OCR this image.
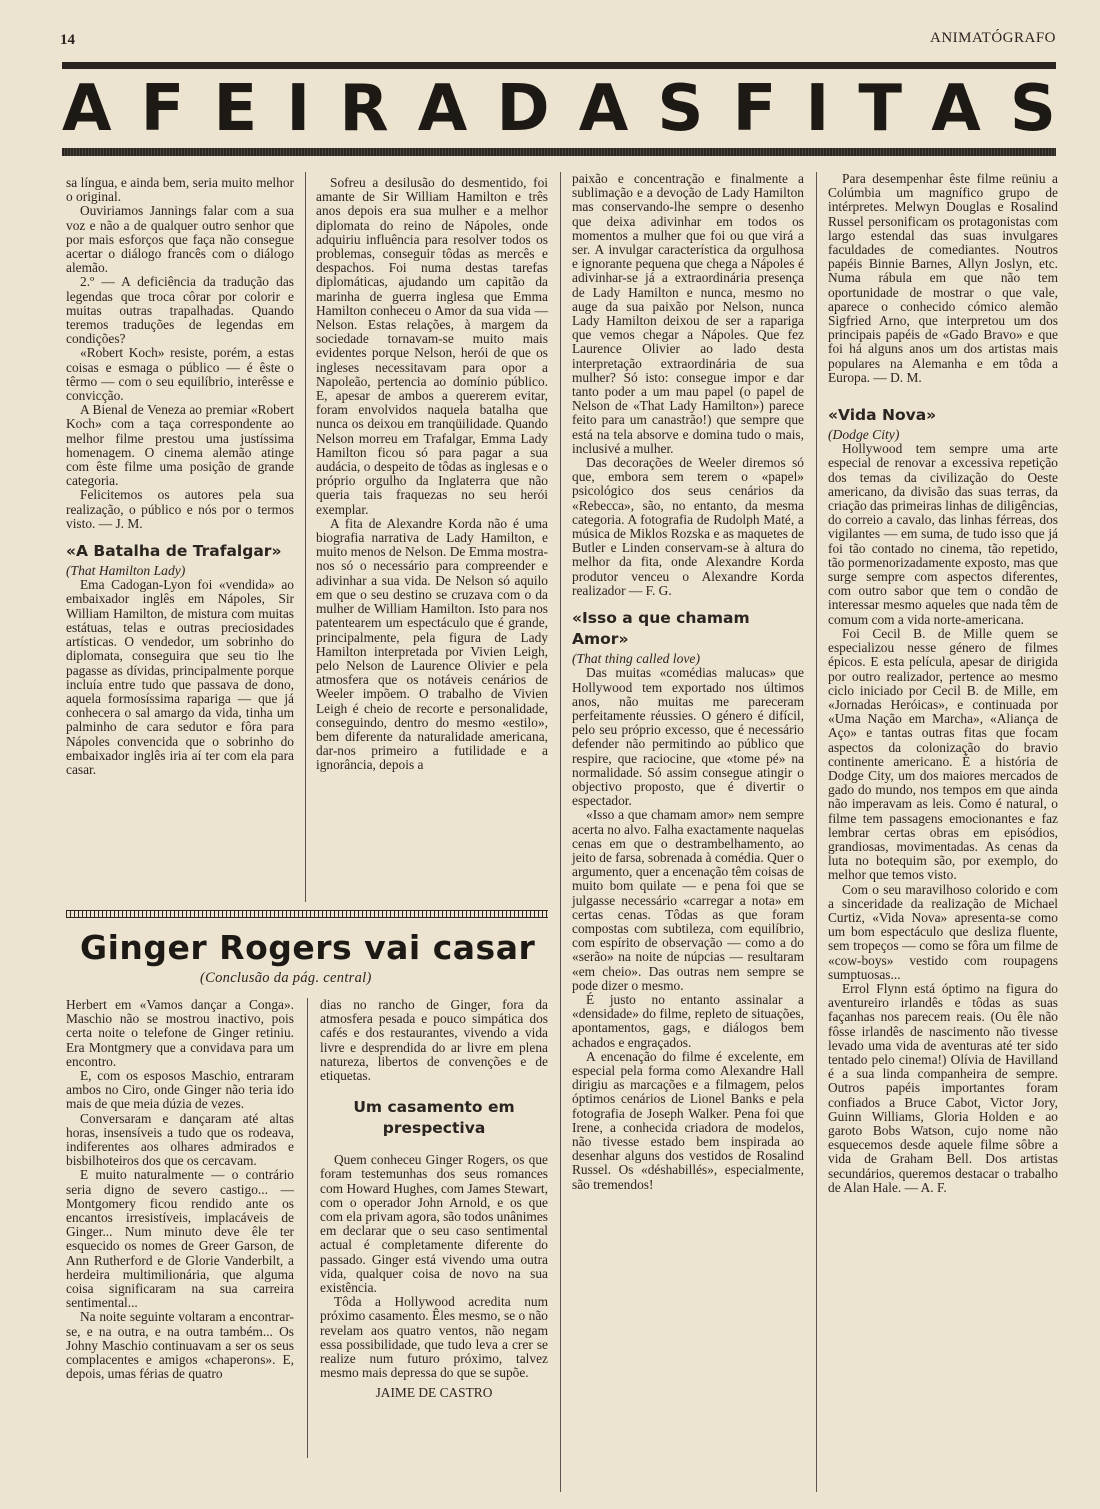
14	ANIMATÓGRAFO
A F E I R A D A S F I T A S

sa língua, e ainda bem, seria muito melhor o original.

Ouviriamos Jannings falar com a sua voz e não a de qualquer outro senhor que por mais esforços que faça não consegue acertar o diálogo francês com o diálogo alemão.

2.º — A deficiência da tradução das legendas que troca côrar por colorir e muitas outras trapalhadas. Quando teremos traduções de legendas em condições?

«Robert Koch» resiste, porém, a estas coisas e esmaga o público — é êste o têrmo — com o seu equilíbrio, interêsse e convicção.

A Bienal de Veneza ao premiar «Robert Koch» com a taça correspondente ao melhor filme prestou uma justíssima homenagem. O cinema alemão atinge com êste filme uma posição de grande categoria.

Felicitemos os autores pela sua realização, o público e nós por o termos visto. — J. M.

«A Batalha de Trafalgar»

(That Hamilton Lady)

Ema Cadogan-Lyon foi «vendida» ao embaixador inglês em Nápoles, Sir William Hamilton, de mistura com muitas estátuas, telas e outras preciosidades artísticas. O vendedor, um sobrinho do diplomata, conseguira que seu tio lhe pagasse as dívidas, principalmente porque incluía entre tudo que passava de dono, aquela formosíssima rapariga — que já conhecera o sal amargo da vida, tinha um palminho de cara sedutor e fôra para Nápoles convencida que o sobrinho do embaixador inglês iria aí ter com ela para casar.

Sofreu a desilusão do desmentido, foi amante de Sir William Hamilton e três anos depois era sua mulher e a melhor diplomata do reino de Nápoles, onde adquiriu influência para resolver todos os problemas, conseguir tôdas as mercês e despachos. Foi numa destas tarefas diplomáticas, ajudando um capitão da marinha de guerra inglesa que Emma Hamilton conheceu o Amor da sua vida — Nelson. Estas relações, à margem da sociedade tornavam-se muito mais evidentes porque Nelson, herói de que os ingleses necessitavam para opor a Napoleão, pertencia ao domínio público. E, apesar de ambos a quererem evitar, foram envolvidos naquela batalha que nunca os deixou em tranqüilidade. Quando Nelson morreu em Trafalgar, Emma Lady Hamilton ficou só para pagar a sua audácia, o despeito de tôdas as inglesas e o próprio orgulho da Inglaterra que não queria tais fraquezas no seu herói exemplar.

A fita de Alexandre Korda não é uma biografia narrativa de Lady Hamilton, e muito menos de Nelson. De Emma mostra-nos só o necessário para compreender e adivinhar a sua vida. De Nelson só aquilo em que o seu destino se cruzava com o da mulher de William Hamilton. Isto para nos patentearem um espectáculo que é grande, principalmente, pela figura de Lady Hamilton interpretada por Vivien Leigh, pelo Nelson de Laurence Olivier e pela atmosfera que os notáveis cenários de Weeler impõem. O trabalho de Vivien Leigh é cheio de recorte e personalidade, conseguindo, dentro do mesmo «estilo», bem diferente da naturalidade americana, dar-nos primeiro a futilidade e a ignorância, depois a

paixão e concentração e finalmente a sublimação e a devoção de Lady Hamilton mas conservando-lhe sempre o desenho que deixa adivinhar em todos os momentos a mulher que foi ou que virá a ser. A invulgar característica da orgulhosa e ignorante pequena que chega a Nápoles é adivinhar-se já a extraordinária presença de Lady Hamilton e nunca, mesmo no auge da sua paixão por Nelson, nunca Lady Hamilton deixou de ser a rapariga que vemos chegar a Nápoles. Que fez Laurence Olivier ao lado desta interpretação extraordinária de sua mulher? Só isto: consegue impor e dar tanto poder a um mau papel (o papel de Nelson de «That Lady Hamilton») parece feito para um canastrão!) que sempre que está na tela absorve e domina tudo o mais, inclusivé a mulher.

Das decorações de Weeler diremos só que, embora sem terem o «papel» psicológico dos seus cenários da «Rebecca», são, no entanto, da mesma categoria. A fotografia de Rudolph Maté, a música de Miklos Rozska e as maquetes de Butler e Linden conservam-se à altura do melhor da fita, onde Alexandre Korda produtor venceu o Alexandre Korda realizador — F. G.

«Isso a que chamam Amor»

(That thing called love)

Das muitas «comédias malucas» que Hollywood tem exportado nos últimos anos, não muitas me pareceram perfeitamente réussies. O género é difícil, pelo seu próprio excesso, que é necessário defender não permitindo ao público que respire, que raciocine, que «tome pé» na normalidade. Só assim consegue atingir o objectivo proposto, que é divertir o espectador.

«Isso a que chamam amor» nem sempre acerta no alvo. Falha exactamente naquelas cenas em que o destrambelhamento, ao jeito de farsa, sobrenada à comédia. Quer o argumento, quer a encenação têm coisas de muito bom quilate — e pena foi que se julgasse necessário «carregar a nota» em certas cenas. Tôdas as que foram compostas com subtileza, com equilíbrio, com espírito de observação — como a do «serão» na noite de núpcias — resultaram «em cheio». Das outras nem sempre se pode dizer o mesmo.

É justo no entanto assinalar a «densidade» do filme, repleto de situações, apontamentos, gags, e diálogos bem achados e engraçados.

A encenação do filme é excelente, em especial pela forma como Alexandre Hall dirigiu as marcações e a filmagem, pelos óptimos cenários de Lionel Banks e pela fotografia de Joseph Walker. Pena foi que Irene, a conhecida criadora de modelos, não tivesse estado bem inspirada ao desenhar alguns dos vestidos de Rosalind Russel. Os «déshabillés», especialmente, são tremendos!

Para desempenhar êste filme reüniu a Colúmbia um magnífico grupo de intérpretes. Melwyn Douglas e Rosalind Russel personificam os protagonistas com largo estendal das suas invulgares faculdades de comediantes. Noutros papéis Binnie Barnes, Allyn Joslyn, etc. Numa rábula em que não tem oportunidade de mostrar o que vale, aparece o conhecido cómico alemão Sigfried Arno, que interpretou um dos principais papéis de «Gado Bravo» e que foi há alguns anos um dos artistas mais populares na Alemanha e em tôda a Europa. — D. M.

«Vida Nova»

(Dodge City)

Hollywood tem sempre uma arte especial de renovar a excessiva repetição dos temas da civilização do Oeste americano, da divisão das suas terras, da criação das primeiras linhas de diligências, do correio a cavalo, das linhas férreas, dos vigilantes — em suma, de tudo isso que já foi tão contado no cinema, tão repetido, tão pormenorizadamente exposto, mas que surge sempre com aspectos diferentes, com outro sabor que tem o condão de interessar mesmo aqueles que nada têm de comum com a vida norte-americana.

Foi Cecil B. de Mille quem se especializou nesse género de filmes épicos. E esta película, apesar de dirigida por outro realizador, pertence ao mesmo ciclo iniciado por Cecil B. de Mille, em «Jornadas Heróicas», e continuada por «Uma Nação em Marcha», «Aliança de Aço» e tantas outras fitas que focam aspectos da colonização do bravio continente americano. É a história de Dodge City, um dos maiores mercados de gado do mundo, nos tempos em que ainda não imperavam as leis. Como é natural, o filme tem passagens emocionantes e faz lembrar certas obras em episódios, grandiosas, movimentadas. As cenas da luta no botequim são, por exemplo, do melhor que temos visto.

Com o seu maravilhoso colorido e com a sinceridade da realização de Michael Curtiz, «Vida Nova» apresenta-se como um bom espectáculo que desliza fluente, sem tropeços — como se fôra um filme de «cow-boys» vestido com roupagens sumptuosas...

Errol Flynn está óptimo na figura do aventureiro irlandês e tôdas as suas façanhas nos parecem reais. (Ou êle não fôsse irlandês de nascimento não tivesse levado uma vida de aventuras até ter sido tentado pelo cinema!) Olívia de Havilland é a sua linda companheira de sempre. Outros papéis importantes foram confiados a Bruce Cabot, Victor Jory, Guinn Williams, Gloria Holden e ao garoto Bobs Watson, cujo nome não esquecemos desde aquele filme sôbre a vida de Graham Bell. Dos artistas secundários, queremos destacar o trabalho de Alan Hale. — A. F.

Ginger Rogers vai casar
(Conclusão da pág. central)

Herbert em «Vamos dançar a Conga». Maschio não se mostrou inactivo, pois certa noite o telefone de Ginger retiniu. Era Montgmery que a convidava para um encontro.

E, com os esposos Maschio, entraram ambos no Ciro, onde Ginger não teria ido mais de que meia dúzia de vezes.

Conversaram e dançaram até altas horas, insensíveis a tudo que os rodeava, indiferentes aos olhares admirados e bisbilhoteiros dos que os cercavam.

E muito naturalmente — o contrário seria digno de severo castigo... — Montgomery ficou rendido ante os encantos irresistíveis, implacáveis de Ginger... Num minuto deve êle ter esquecido os nomes de Greer Garson, de Ann Rutherford e de Glorie Vanderbilt, a herdeira multimilionária, que alguma coisa significaram na sua carreira sentimental...

Na noite seguinte voltaram a encontrar-se, e na outra, e na outra também... Os Johny Maschio continuavam a ser os seus complacentes e amigos «chaperons». E, depois, umas férias de quatro

dias no rancho de Ginger, fora da atmosfera pesada e pouco simpática dos cafés e dos restaurantes, vivendo a vida livre e desprendida do ar livre em plena natureza, libertos de convenções e de etiquetas.

Um casamento em prespectiva

Quem conheceu Ginger Rogers, os que foram testemunhas dos seus romances com Howard Hughes, com James Stewart, com o operador John Arnold, e os que com ela privam agora, são todos unânimes em declarar que o seu caso sentimental actual é completamente diferente do passado. Ginger está vivendo uma outra vida, qualquer coisa de novo na sua existência.

Tôda a Hollywood acredita num próximo casamento. Êles mesmo, se o não revelam aos quatro ventos, não negam essa possibilidade, que tudo leva a crer se realize num futuro próximo, talvez mesmo mais depressa do que se supõe.

JAIME DE CASTRO
